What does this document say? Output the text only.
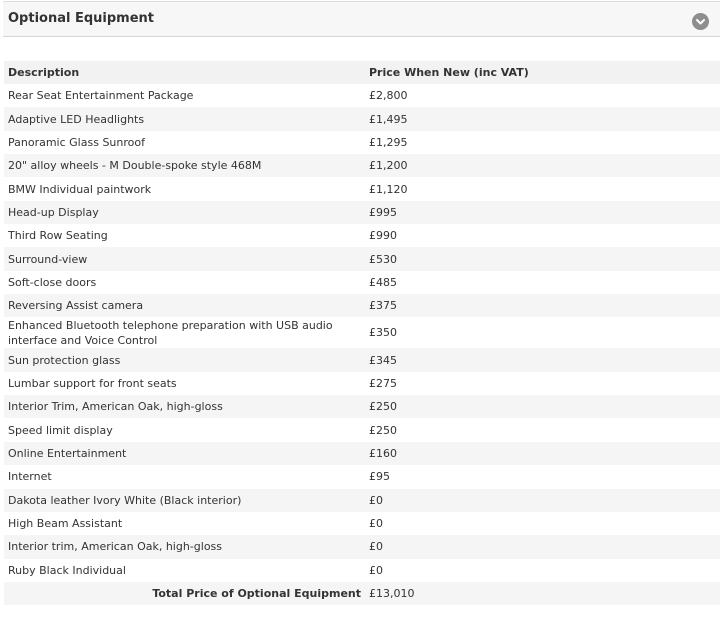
Optional Equipment
Description	Price When New (inc VAT)
Rear Seat Entertainment Package	£2,800
Adaptive LED Headlights	£1,495
Panoramic Glass Sunroof	£1,295
20" alloy wheels - M Double-spoke style 468M	£1,200
BMW Individual paintwork	£1,120
Head-up Display	£995
Third Row Seating	£990
Surround-view	£530
Soft-close doors	£485
Reversing Assist camera	£375
Enhanced Bluetooth telephone preparation with USB audio interface and Voice Control	£350
Sun protection glass	£345
Lumbar support for front seats	£275
Interior Trim, American Oak, high-gloss	£250
Speed limit display	£250
Online Entertainment	£160
Internet	£95
Dakota leather Ivory White (Black interior)	£0
High Beam Assistant	£0
Interior trim, American Oak, high-gloss	£0
Ruby Black Individual	£0
Total Price of Optional Equipment	£13,010
